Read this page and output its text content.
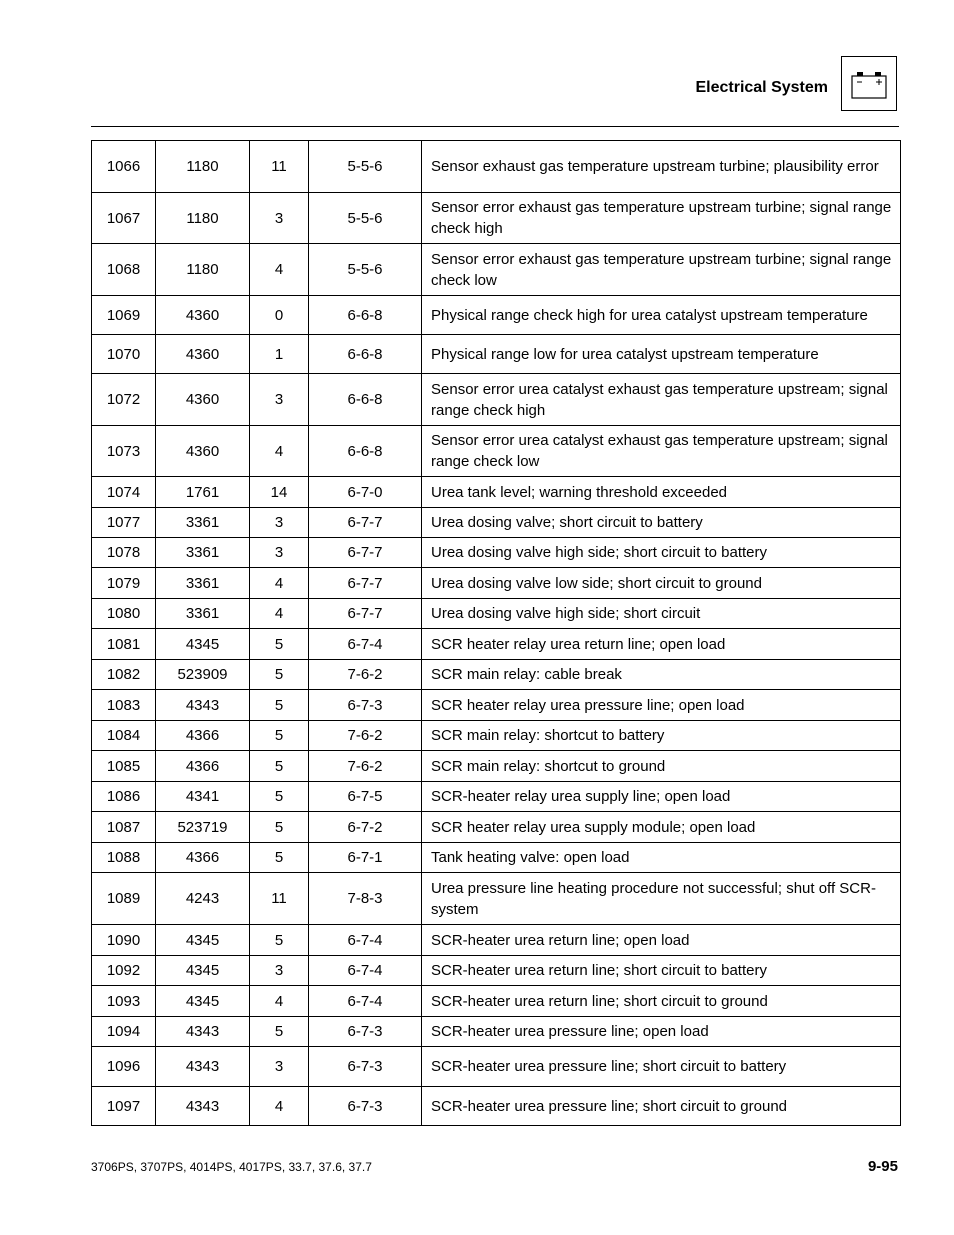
Electrical System
1066	1180	11	5-5-6	Sensor exhaust gas temperature upstream turbine; plausibility error
1067	1180	3	5-5-6	Sensor error exhaust gas temperature upstream turbine; signal range check high
1068	1180	4	5-5-6	Sensor error exhaust gas temperature upstream turbine; signal range check low
1069	4360	0	6-6-8	Physical range check high for urea catalyst upstream temperature
1070	4360	1	6-6-8	Physical range low for urea catalyst upstream temperature
1072	4360	3	6-6-8	Sensor error urea catalyst exhaust gas temperature upstream; signal range check high
1073	4360	4	6-6-8	Sensor error urea catalyst exhaust gas temperature upstream; signal range check low
1074	1761	14	6-7-0	Urea tank level; warning threshold exceeded
1077	3361	3	6-7-7	Urea dosing valve; short circuit to battery
1078	3361	3	6-7-7	Urea dosing valve high side; short circuit to battery
1079	3361	4	6-7-7	Urea dosing valve low side; short circuit to ground
1080	3361	4	6-7-7	Urea dosing valve high side; short circuit
1081	4345	5	6-7-4	SCR heater relay urea return line; open load
1082	523909	5	7-6-2	SCR main relay: cable break
1083	4343	5	6-7-3	SCR heater relay urea pressure line; open load
1084	4366	5	7-6-2	SCR main relay: shortcut to battery
1085	4366	5	7-6-2	SCR main relay: shortcut to ground
1086	4341	5	6-7-5	SCR-heater relay urea supply line; open load
1087	523719	5	6-7-2	SCR heater relay urea supply module; open load
1088	4366	5	6-7-1	Tank heating valve: open load
1089	4243	11	7-8-3	Urea pressure line heating procedure not successful; shut off SCR-system
1090	4345	5	6-7-4	SCR-heater urea return line; open load
1092	4345	3	6-7-4	SCR-heater urea return line; short circuit to battery
1093	4345	4	6-7-4	SCR-heater urea return line; short circuit to ground
1094	4343	5	6-7-3	SCR-heater urea pressure line; open load
1096	4343	3	6-7-3	SCR-heater urea pressure line; short circuit to battery
1097	4343	4	6-7-3	SCR-heater urea pressure line; short circuit to ground
3706PS, 3707PS, 4014PS, 4017PS, 33.7, 37.6, 37.7	9-95
